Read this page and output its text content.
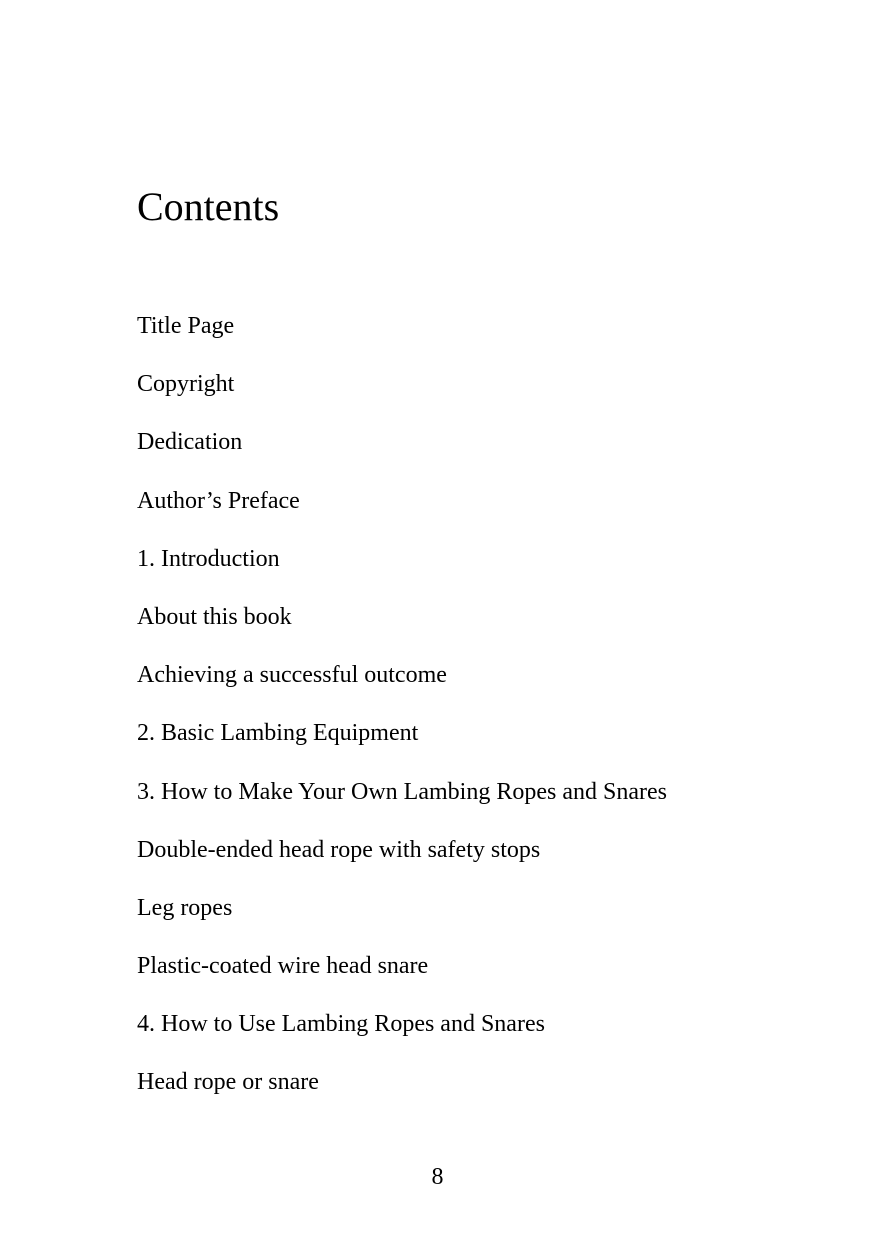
Contents
Title Page
Copyright
Dedication
Author’s Preface
1. Introduction
About this book
Achieving a successful outcome
2. Basic Lambing Equipment
3. How to Make Your Own Lambing Ropes and Snares
Double-ended head rope with safety stops
Leg ropes
Plastic-coated wire head snare
4. How to Use Lambing Ropes and Snares
Head rope or snare
8
